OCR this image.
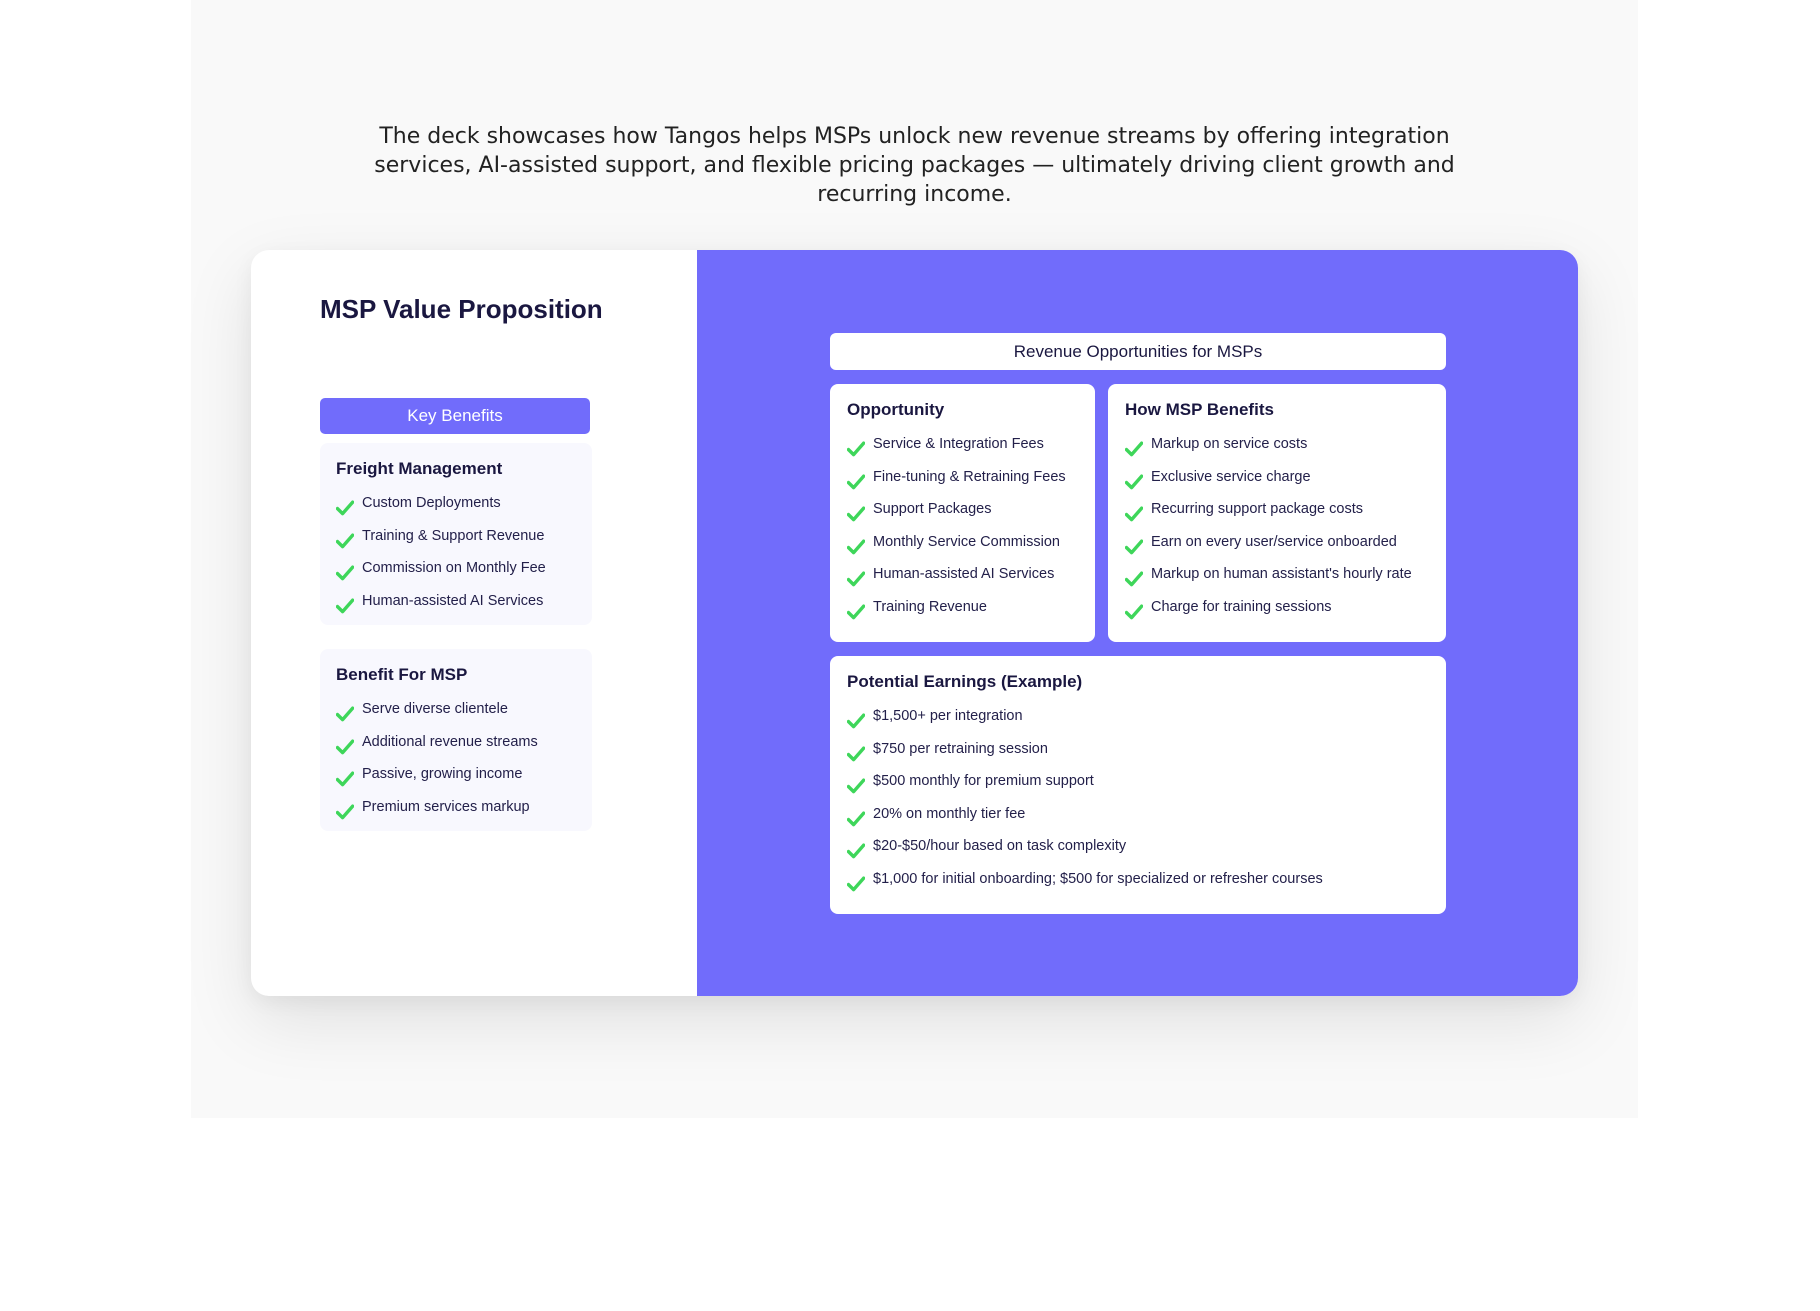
The deck showcases how Tangos helps MSPs unlock new revenue streams by offering integration
services, AI-assisted support, and flexible pricing packages — ultimately driving client growth and
recurring income.
MSP Value Proposition
Key Benefits
Freight Management
Custom Deployments
Training & Support Revenue
Commission on Monthly Fee
Human-assisted AI Services
Benefit For MSP
Serve diverse clientele
Additional revenue streams
Passive, growing income
Premium services markup
Revenue Opportunities for MSPs
Opportunity
Service & Integration Fees
Fine-tuning & Retraining Fees
Support Packages
Monthly Service Commission
Human-assisted AI Services
Training Revenue
How MSP Benefits
Markup on service costs
Exclusive service charge
Recurring support package costs
Earn on every user/service onboarded
Markup on human assistant's hourly rate
Charge for training sessions
Potential Earnings (Example)
$1,500+ per integration
$750 per retraining session
$500 monthly for premium support
20% on monthly tier fee
$20-$50/hour based on task complexity
$1,000 for initial onboarding; $500 for specialized or refresher courses
